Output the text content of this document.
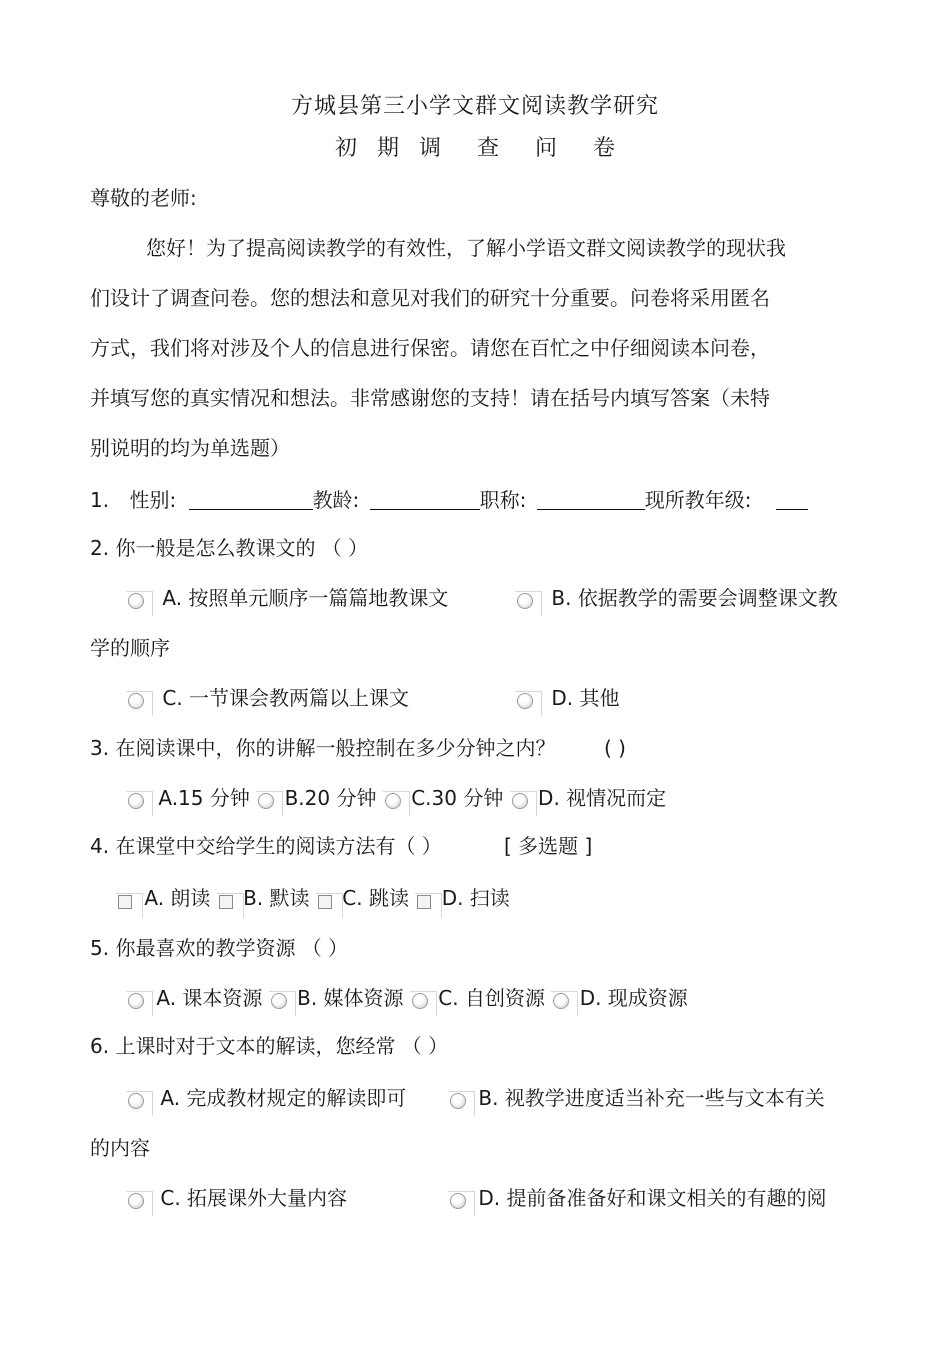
方城县第三小学文群文阅读教学研究
初 期 调 查 问 卷
尊敬的老师:
您好！为了提高阅读教学的有效性，了解小学语文群文阅读教学的现状我
们设计了调查问卷。您的想法和意见对我们的研究十分重要。问卷将采用匿名
方式，我们将对涉及个人的信息进行保密。请您在百忙之中仔细阅读本问卷，
并填写您的真实情况和想法。非常感谢您的支持！请在括号内填写答案（未特
别说明的均为单选题）
1. 性别:	教龄:	职称:	现所教年级:
2. 你一般是怎么教课文的 （ ）
A. 按照单元顺序一篇篇地教课文	B. 依据教学的需要会调整课文教
学的顺序
C. 一节课会教两篇以上课文	D. 其他
3. 在阅读课中，你的讲解一般控制在多少分钟之内？ ( )
A.15 分钟 B.20 分钟 C.30 分钟 D. 视情况而定
4. 在课堂中交给学生的阅读方法有（ ）	[ 多选题 ]
A. 朗读 B. 默读 C. 跳读 D. 扫读
5. 你最喜欢的教学资源 （ ）
A. 课本资源 B. 媒体资源 C. 自创资源 D. 现成资源
6. 上课时对于文本的解读，您经常 （ ）
A. 完成教材规定的解读即可	B. 视教学进度适当补充一些与文本有关
的内容
C. 拓展课外大量内容	D. 提前备准备好和课文相关的有趣的阅
